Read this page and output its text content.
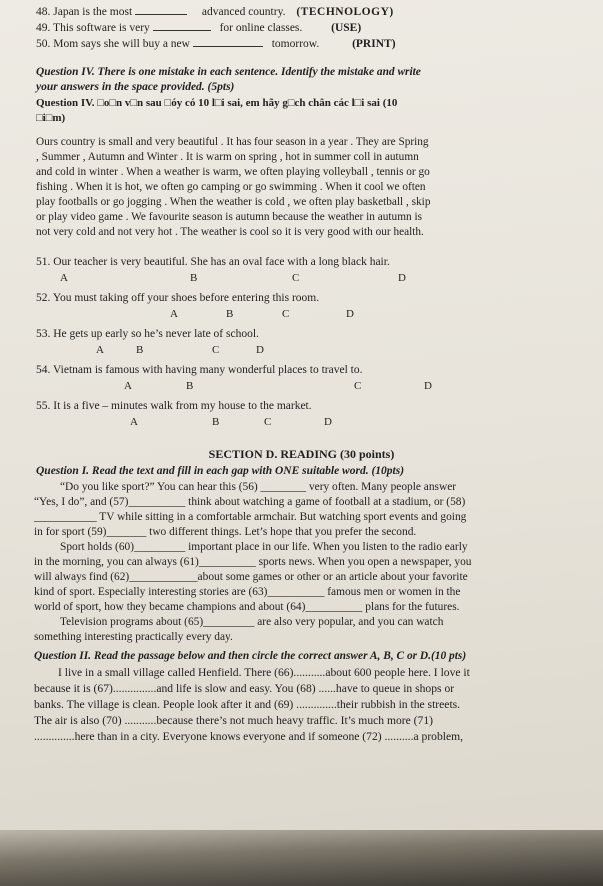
48. Japan is the most	advanced country. (TECHNOLOGY)
49. This software is very	for online classes.	(USE)
50. Mom says she will buy a new	tomorrow.	(PRINT)
Question IV. There is one mistake in each sentence. Identify the mistake and write
your answers in the space provided. (5pts)
Question IV. □o□n v□n sau □óy có 10 l□i sai, em hãy g□ch chân các l□i sai (10
□i□m)
Ours country is small and very beautiful . It has four season in a year . They are Spring
, Summer , Autumn and Winter . It is warm on spring , hot in summer coll in autumn
and cold in winter . When a weather is warm, we often playing volleyball , tennis or go
fishing . When it is hot, we often go camping or go swimming . When it cool we often
play footballs or go jogging . When the weather is cold , we often play basketball , skip
or play video game . We favourite season is autumn because the weather in autumn is
not very cold and not very hot . The weather is cool so it is very good with our health.
51. Our teacher is very beautiful. She has an oval face with a long black hair.
A	B	C	D
52. You must taking off your shoes before entering this room.
A	B	C	D
53. He gets up early so he’s never late of school.
A	B	C	D
54. Vietnam is famous with having many wonderful places to travel to.
A	B	C	D
55. It is a five – minutes walk from my house to the market.
A	B	C	D
SECTION D. READING (30 points)
Question I. Read the text and fill in each gap with ONE suitable word. (10pts)
“Do you like sport?” You can hear this (56) ________ very often. Many people answer
“Yes, I do”, and (57)__________ think about watching a game of football at a stadium, or (58)
___________ TV while sitting in a comfortable armchair. But watching sport events and going
in for sport (59)_______ two different things. Let’s hope that you prefer the second.
Sport holds (60)_________ important place in our life. When you listen to the radio early
in the morning, you can always (61)__________ sports news. When you open a newspaper, you
will always find (62)____________about some games or other or an article about your favorite
kind of sport. Especially interesting stories are (63)__________ famous men or women in the
world of sport, how they became champions and about (64)__________ plans for the futures.
Television programs about (65)_________ are also very popular, and you can watch
something interesting practically every day.
Question II. Read the passage below and then circle the correct answer A, B, C or D.(10 pts)
I live in a small village called Henfield. There (66)...........about 600 people here. I love it
because it is (67)...............and life is slow and easy. You (68) ......have to queue in shops or
banks. The village is clean. People look after it and (69) ..............their rubbish in the streets.
The air is also (70) ...........because there’s not much heavy traffic. It’s much more (71)
..............here than in a city. Everyone knows everyone and if someone (72) ..........a problem,
